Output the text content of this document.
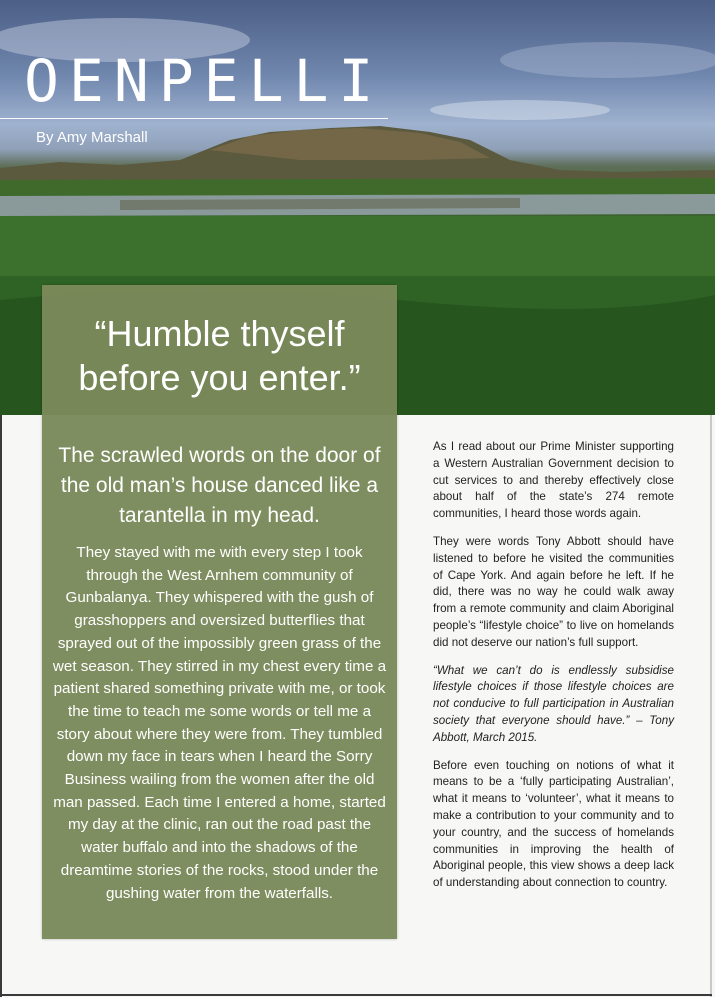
OENPELLI
By Amy Marshall
“Humble thyself
before you enter.”
The scrawled words on the door of the old man’s house danced like a tarantella in my head.
They stayed with me with every step I took through the West Arnhem community of Gunbalanya. They whispered with the gush of grasshoppers and oversized butterflies that sprayed out of the impossibly green grass of the wet season. They stirred in my chest every time a patient shared something private with me, or took the time to teach me some words or tell me a story about where they were from. They tumbled down my face in tears when I heard the Sorry Business wailing from the women after the old man passed. Each time I entered a home, started my day at the clinic, ran out the road past the water buffalo and into the shadows of the dreamtime stories of the rocks, stood under the gushing water from the waterfalls.

As I read about our Prime Minister supporting a Western Australian Government decision to cut services to and thereby effectively close about half of the state’s 274 remote communities, I heard those words again.

They were words Tony Abbott should have listened to before he visited the communities of Cape York. And again before he left. If he did, there was no way he could walk away from a remote community and claim Aboriginal people’s “lifestyle choice” to live on homelands did not deserve our nation’s full support.

“What we can’t do is endlessly subsidise lifestyle choices if those lifestyle choices are not conducive to full participation in Australian society that everyone should have.” – Tony Abbott, March 2015.

Before even touching on notions of what it means to be a ‘fully participating Australian’, what it means to ‘volunteer’, what it means to make a contribution to your community and to your country, and the success of homelands communities in improving the health of Aboriginal people, this view shows a deep lack of understanding about connection to country.
